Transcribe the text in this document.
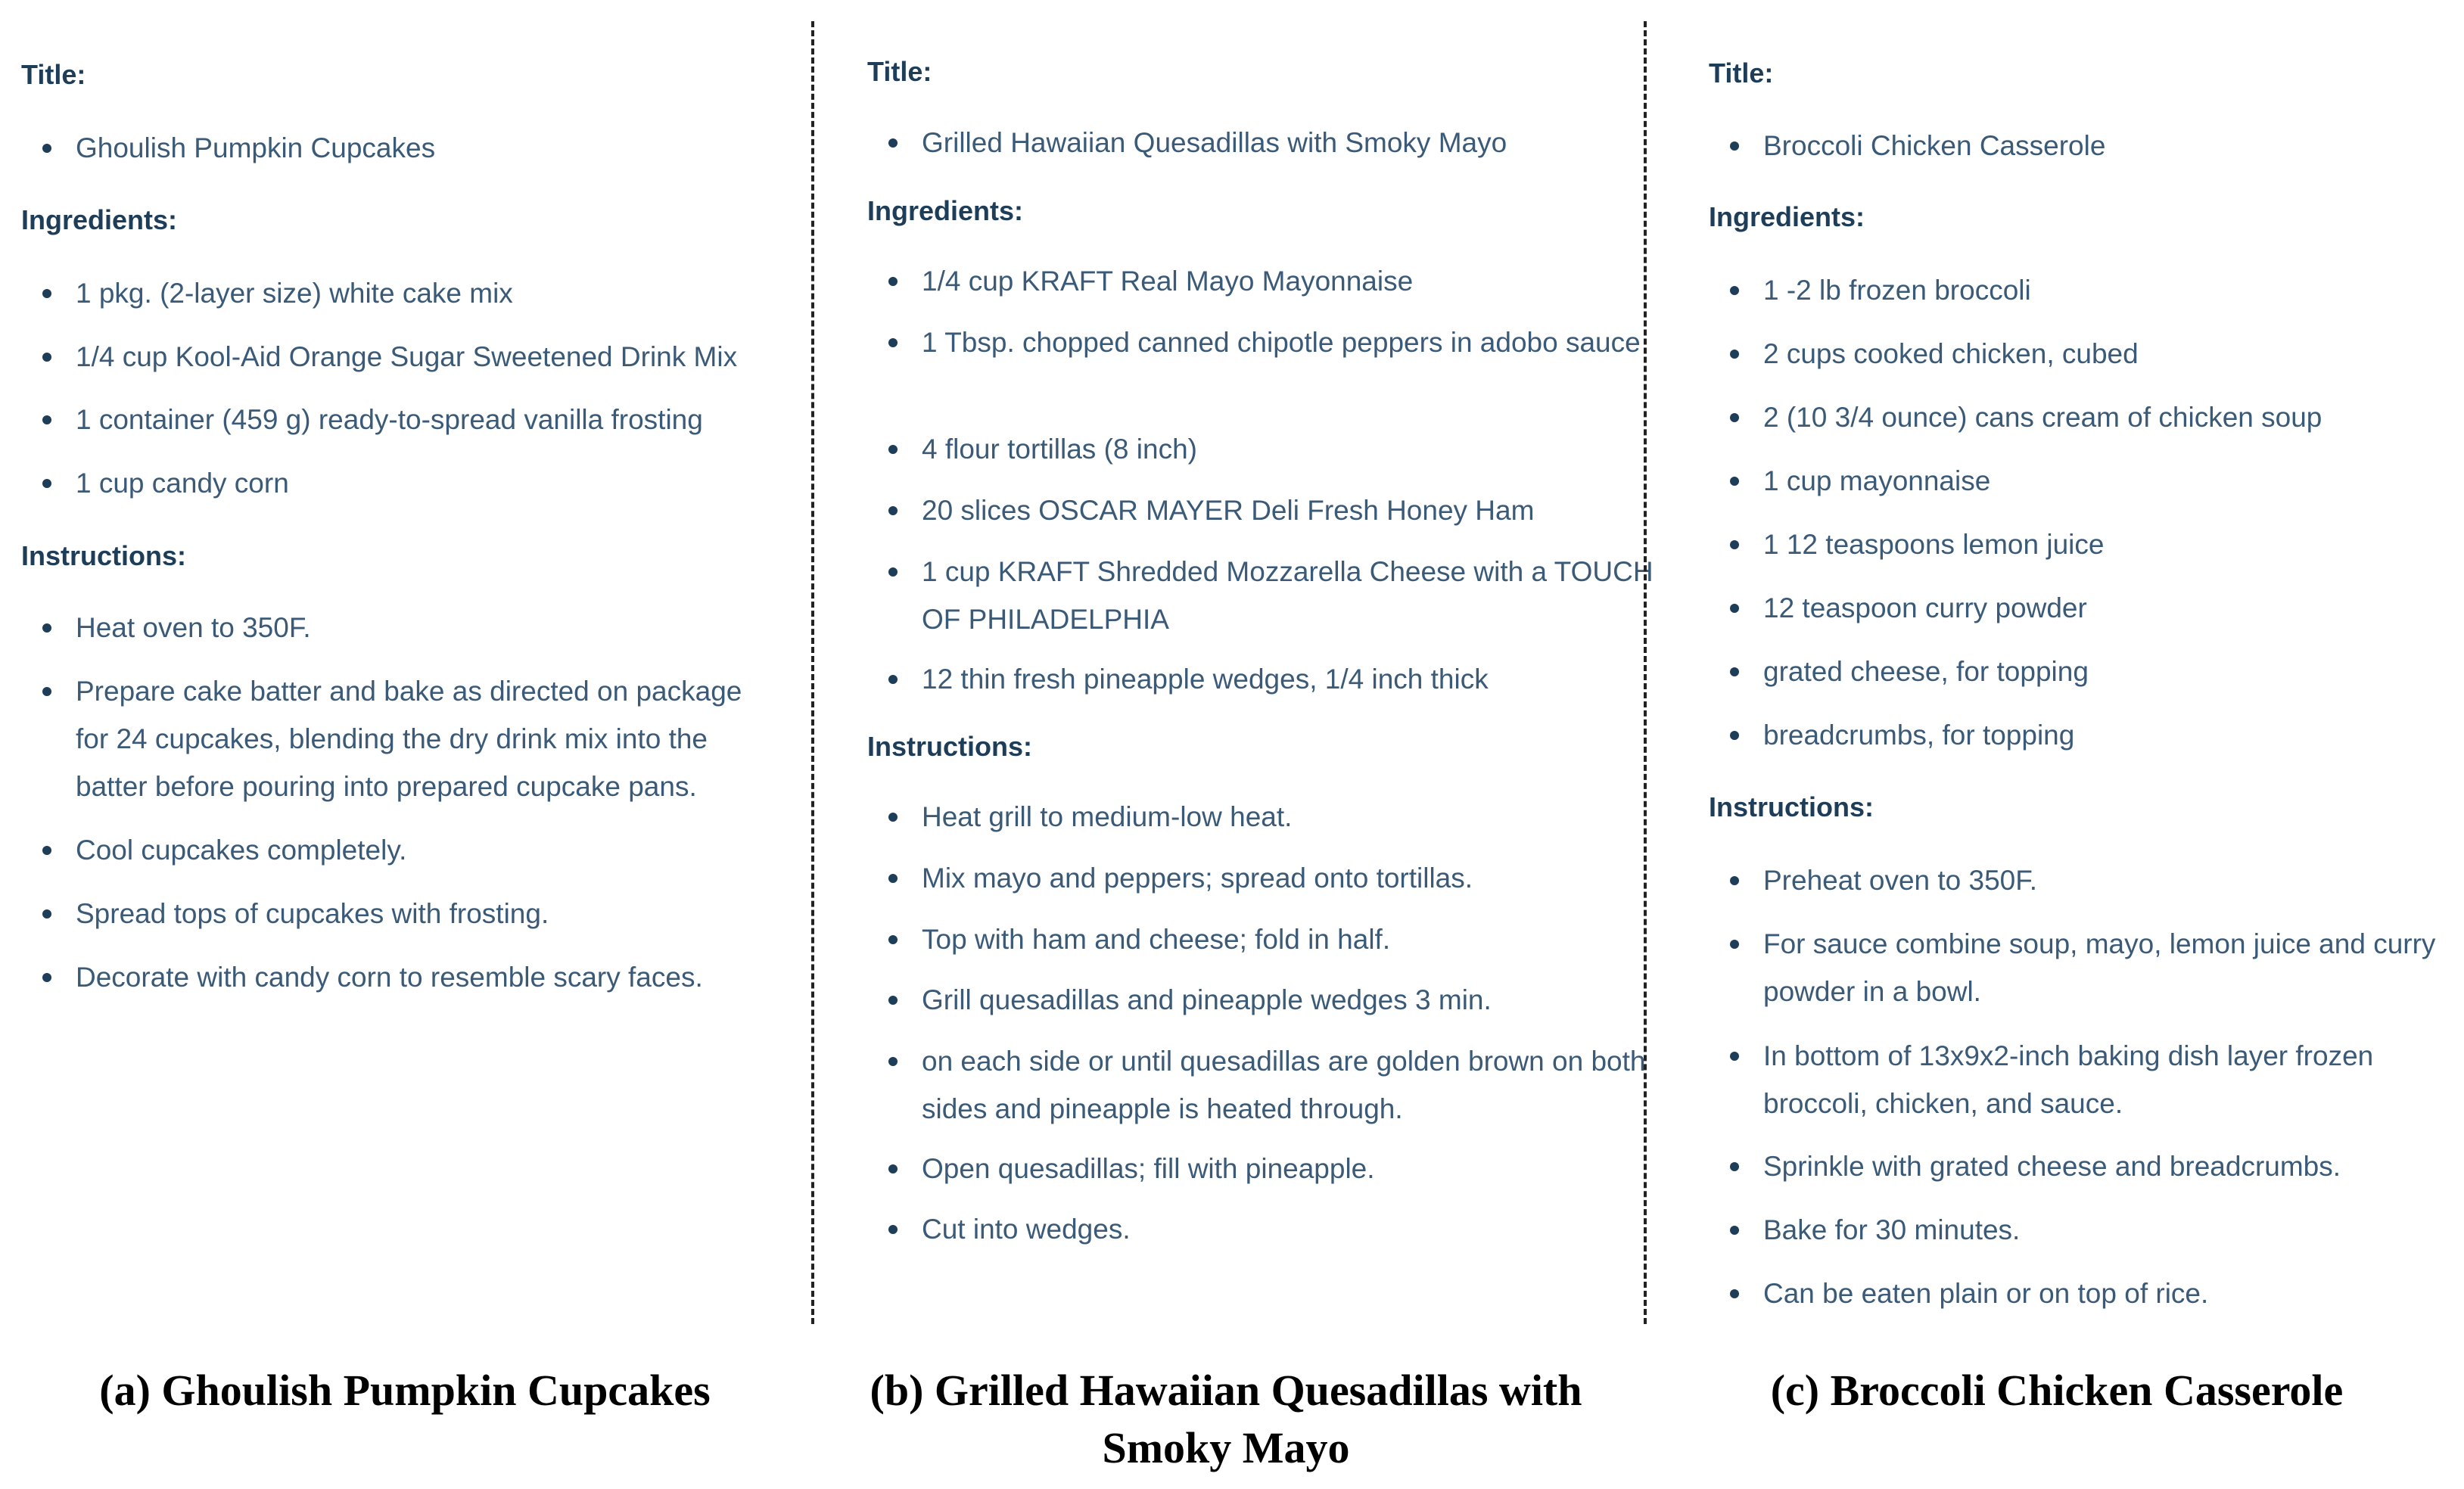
Title:
Ghoulish Pumpkin Cupcakes
Ingredients:
1 pkg. (2-layer size) white cake mix
1/4 cup Kool-Aid Orange Sugar Sweetened Drink Mix
1 container (459 g) ready-to-spread vanilla frosting
1 cup candy corn
Instructions:
Heat oven to 350F.
Prepare cake batter and bake as directed on package for 24 cupcakes, blending the dry drink mix into the batter before pouring into prepared cupcake pans.
Cool cupcakes completely.
Spread tops of cupcakes with frosting.
Decorate with candy corn to resemble scary faces.
Title:
Grilled Hawaiian Quesadillas with Smoky Mayo
Ingredients:
1/4 cup KRAFT Real Mayo Mayonnaise
1 Tbsp. chopped canned chipotle peppers in adobo sauce
4 flour tortillas (8 inch)
20 slices OSCAR MAYER Deli Fresh Honey Ham
1 cup KRAFT Shredded Mozzarella Cheese with a TOUCH OF PHILADELPHIA
12 thin fresh pineapple wedges, 1/4 inch thick
Instructions:
Heat grill to medium-low heat.
Mix mayo and peppers; spread onto tortillas.
Top with ham and cheese; fold in half.
Grill quesadillas and pineapple wedges 3 min.
on each side or until quesadillas are golden brown on both sides and pineapple is heated through.
Open quesadillas; fill with pineapple.
Cut into wedges.
Title:
Broccoli Chicken Casserole
Ingredients:
1 -2 lb frozen broccoli
2 cups cooked chicken, cubed
2 (10 3/4 ounce) cans cream of chicken soup
1 cup mayonnaise
1 12 teaspoons lemon juice
12 teaspoon curry powder
grated cheese, for topping
breadcrumbs, for topping
Instructions:
Preheat oven to 350F.
For sauce combine soup, mayo, lemon juice and curry powder in a bowl.
In bottom of 13x9x2-inch baking dish layer frozen broccoli, chicken, and sauce.
Sprinkle with grated cheese and breadcrumbs.
Bake for 30 minutes.
Can be eaten plain or on top of rice.
(a) Ghoulish Pumpkin Cupcakes	(b) Grilled Hawaiian Quesadillas with Smoky Mayo
(c) Broccoli Chicken Casserole
